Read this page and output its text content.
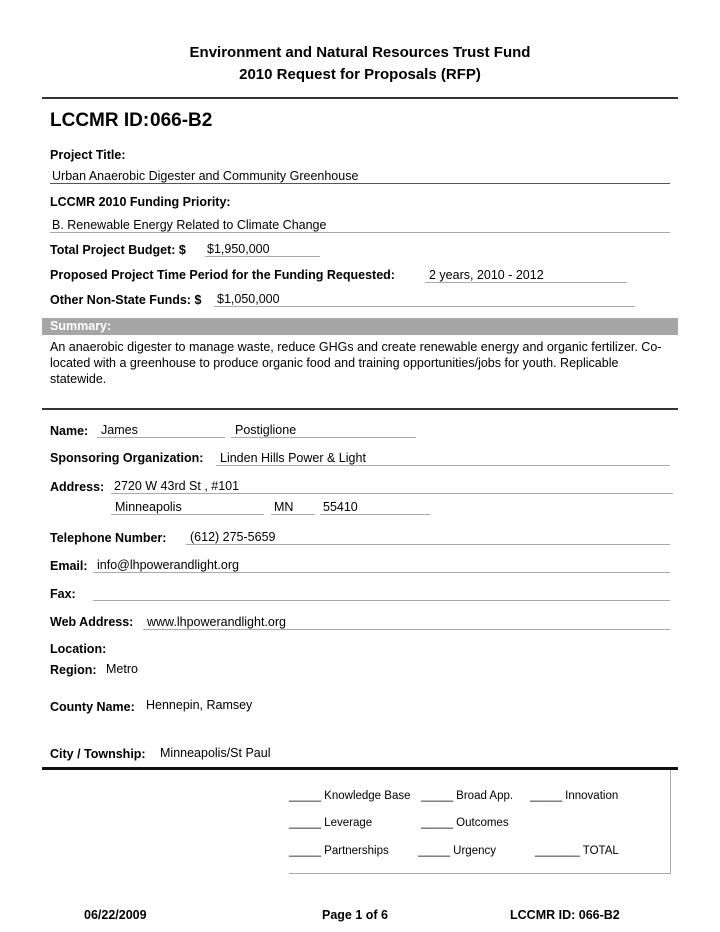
Environment and Natural Resources Trust Fund
2010 Request for Proposals (RFP)
LCCMR ID: 066-B2
Project Title:
Urban Anaerobic Digester and Community Greenhouse
LCCMR 2010 Funding Priority:
B. Renewable Energy Related to Climate Change
Total Project Budget: $ $1,950,000
Proposed Project Time Period for the Funding Requested:	2 years, 2010 - 2012
Other Non-State Funds: $ $1,050,000
Summary:
An anaerobic digester to manage waste, reduce GHGs and create renewable energy and organic fertilizer. Co-located with a greenhouse to produce organic food and training opportunities/jobs for youth. Replicable statewide.
Name: James	Postiglione
Sponsoring Organization: Linden Hills Power & Light
Address: 2720 W 43rd St , #101
Minneapolis	MN 55410
Telephone Number: (612) 275-5659
Email: info@lhpowerandlight.org
Fax:
Web Address: www.lhpowerandlight.org
Location:
Region: Metro
County Name: Hennepin, Ramsey
City / Township: Minneapolis/St Paul
_____ Knowledge Base _____ Broad App. _____ Innovation
_____ Leverage	_____ Outcomes
_____ Partnerships	_____ Urgency	_______ TOTAL
06/22/2009	Page 1 of 6	LCCMR ID: 066-B2
